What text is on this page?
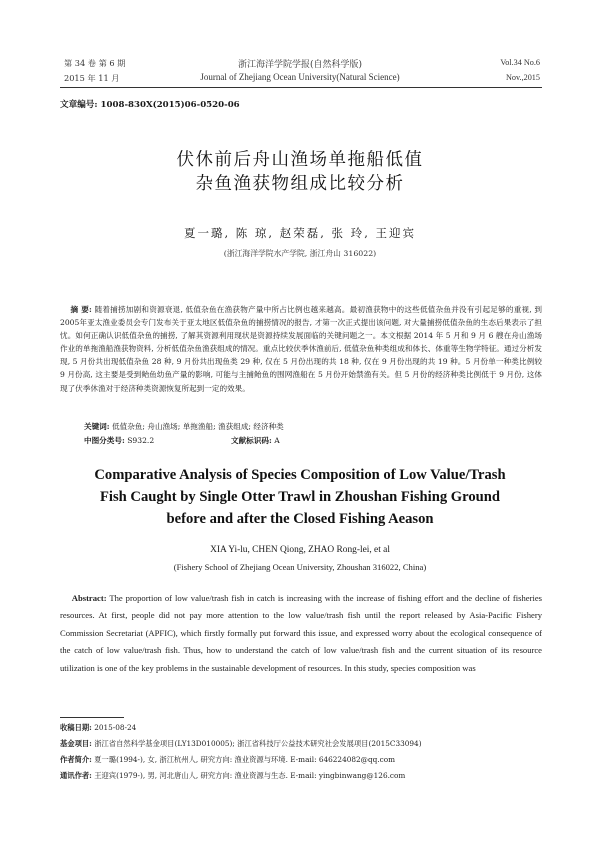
第 34 卷 第 6 期
2015 年 11 月
浙江海洋学院学报(自然科学版)
Journal of Zhejiang Ocean University(Natural Science)
Vol.34 No.6
Nov.,2015
文章编号: 1008-830X(2015)06-0520-06
伏休前后舟山渔场单拖船低值
杂鱼渔获物组成比较分析
夏一璐, 陈 琼, 赵荣磊, 张 玲, 王迎宾
(浙江海洋学院水产学院, 浙江舟山 316022)
摘 要: 随着捕捞加剧和资源衰退, 低值杂鱼在渔获物产量中所占比例也越来越高。最初渔获物中的这些低值杂鱼并没有引起足够的重视, 到2005年亚太渔业委员会专门发布关于亚太地区低值杂鱼的捕捞情况的报告, 才第一次正式提出该问题, 对大量捕捞低值杂鱼的生态后果表示了担忧。如何正确认识低值杂鱼的捕捞, 了解其资源利用现状是资源持续发展面临的关键问题之一。本文根据 2014 年 5 月和 9 月 6 艘在舟山渔场作业的单拖渔船渔获物资料, 分析低值杂鱼渔获组成的情况。重点比较伏季休渔前后, 低值杂鱼种类组成和体长、体重等生物学特征。通过分析发现, 5 月份共出现低值杂鱼 28 种, 9 月份共出现鱼类 29 种, 仅在 5 月份出现的共 18 种, 仅在 9 月份出现的共 19 种。5 月份单一种类比例较 9 月份高, 这主要是受到鲐鱼幼鱼产量的影响, 可能与主捕鲐鱼的围网渔船在 5 月份开始禁渔有关。但 5 月份的经济种类比例低于 9 月份, 这体现了伏季休渔对于经济种类资源恢复所起到一定的效果。
关键词: 低值杂鱼; 舟山渔场; 单拖渔船; 渔获组成; 经济种类
中图分类号: S932.2	文献标识码: A
Comparative Analysis of Species Composition of Low Value/Trash Fish Caught by Single Otter Trawl in Zhoushan Fishing Ground before and after the Closed Fishing Aeason
XIA Yi-lu, CHEN Qiong, ZHAO Rong-lei, et al
(Fishery School of Zhejiang Ocean University, Zhoushan 316022, China)
Abstract: The proportion of low value/trash fish in catch is increasing with the increase of fishing effort and the decline of fisheries resources. At first, people did not pay more attention to the low value/trash fish until the report released by Asia-Pacific Fishery Commission Secretariat (APFIC), which firstly formally put forward this issue, and expressed worry about the ecological consequence of the catch of low value/trash fish. Thus, how to understand the catch of low value/trash fish and the current situation of its resource utilization is one of the key problems in the sustainable development of resources. In this study, species composition was
收稿日期: 2015-08-24
基金项目: 浙江省自然科学基金项目(LY13D010005); 浙江省科技厅公益技术研究社会发展项目(2015C33094)
作者简介: 夏一璐(1994-), 女, 浙江杭州人, 研究方向: 渔业资源与环境. E-mail: 646224082@qq.com
通讯作者: 王迎宾(1979-), 男, 河北唐山人, 研究方向: 渔业资源与生态. E-mail: yingbinwang@126.com
